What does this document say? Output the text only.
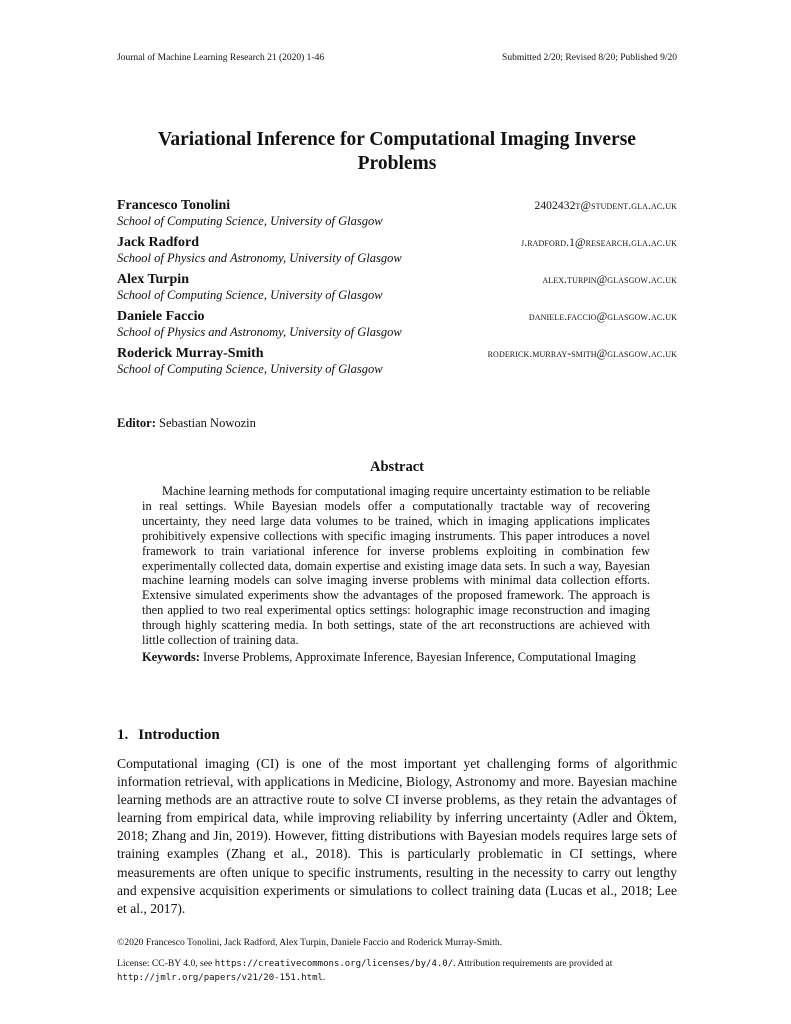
Journal of Machine Learning Research 21 (2020) 1-46	Submitted 2/20; Revised 8/20; Published 9/20
Variational Inference for Computational Imaging Inverse
Problems
Francesco Tonolini	2402432t@student.gla.ac.uk
School of Computing Science, University of Glasgow
Jack Radford	j.radford.1@research.gla.ac.uk
School of Physics and Astronomy, University of Glasgow
Alex Turpin	alex.turpin@glasgow.ac.uk
School of Computing Science, University of Glasgow
Daniele Faccio	daniele.faccio@glasgow.ac.uk
School of Physics and Astronomy, University of Glasgow
Roderick Murray-Smith	roderick.murray-smith@glasgow.ac.uk
School of Computing Science, University of Glasgow
Editor: Sebastian Nowozin
Abstract

Machine learning methods for computational imaging require uncertainty estimation to be reliable in real settings. While Bayesian models offer a computationally tractable way of recovering uncertainty, they need large data volumes to be trained, which in imaging applications implicates prohibitively expensive collections with specific imaging instruments. This paper introduces a novel framework to train variational inference for inverse problems exploiting in combination few experimentally collected data, domain expertise and existing image data sets. In such a way, Bayesian machine learning models can solve imaging inverse problems with minimal data collection efforts. Extensive simulated experiments show the advantages of the proposed framework. The approach is then applied to two real experimental optics settings: holographic image reconstruction and imaging through highly scattering media. In both settings, state of the art reconstructions are achieved with little collection of training data.

Keywords: Inverse Problems, Approximate Inference, Bayesian Inference, Computational Imaging
1. Introduction

Computational imaging (CI) is one of the most important yet challenging forms of algorithmic information retrieval, with applications in Medicine, Biology, Astronomy and more. Bayesian machine learning methods are an attractive route to solve CI inverse problems, as they retain the advantages of learning from empirical data, while improving reliability by inferring uncertainty (Adler and Öktem, 2018; Zhang and Jin, 2019). However, fitting distributions with Bayesian models requires large sets of training examples (Zhang et al., 2018). This is particularly problematic in CI settings, where measurements are often unique to specific instruments, resulting in the necessity to carry out lengthy and expensive acquisition experiments or simulations to collect training data (Lucas et al., 2018; Lee et al., 2017).

©2020 Francesco Tonolini, Jack Radford, Alex Turpin, Daniele Faccio and Roderick Murray-Smith.
License: CC-BY 4.0, see https://creativecommons.org/licenses/by/4.0/. Attribution requirements are provided at http://jmlr.org/papers/v21/20-151.html.
